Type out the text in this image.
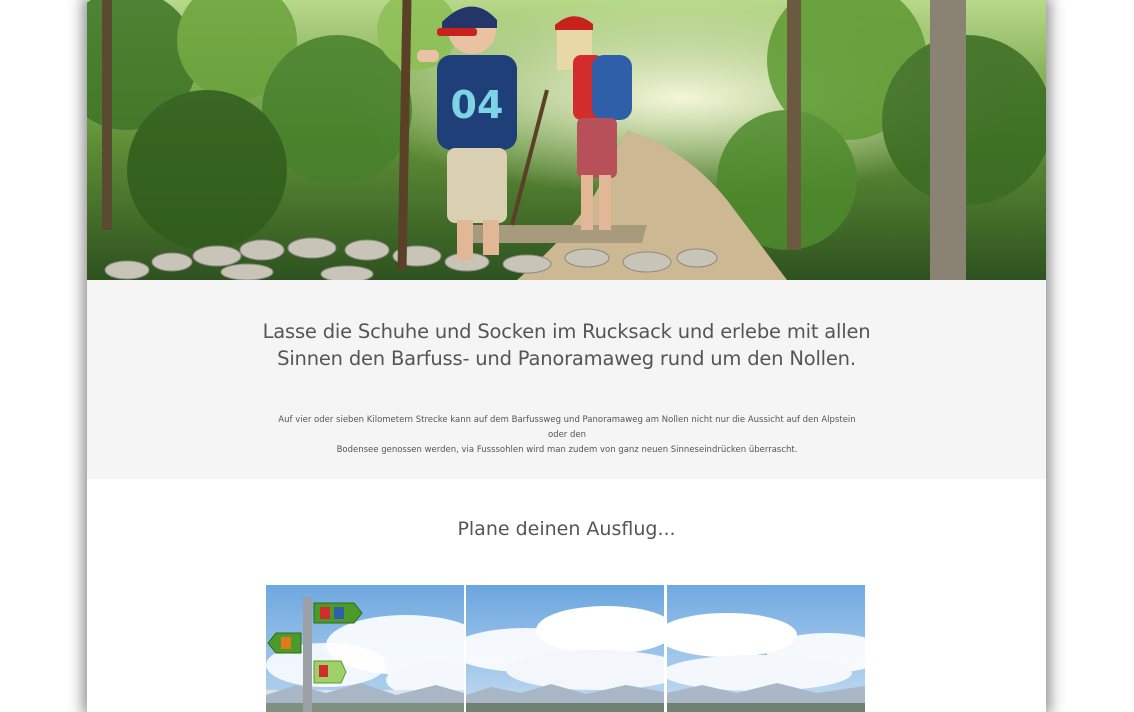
04
Lasse die Schuhe und Socken im Rucksack und erlebe mit allen
Sinnen den Barfuss- und Panoramaweg rund um den Nollen.

Auf vier oder sieben Kilometern Strecke kann auf dem Barfussweg und Panoramaweg am Nollen nicht nur die Aussicht auf den Alpstein oder den
Bodensee genossen werden, via Fusssohlen wird man zudem von ganz neuen Sinneseindrücken überrascht.

Plane deinen Ausflug...
